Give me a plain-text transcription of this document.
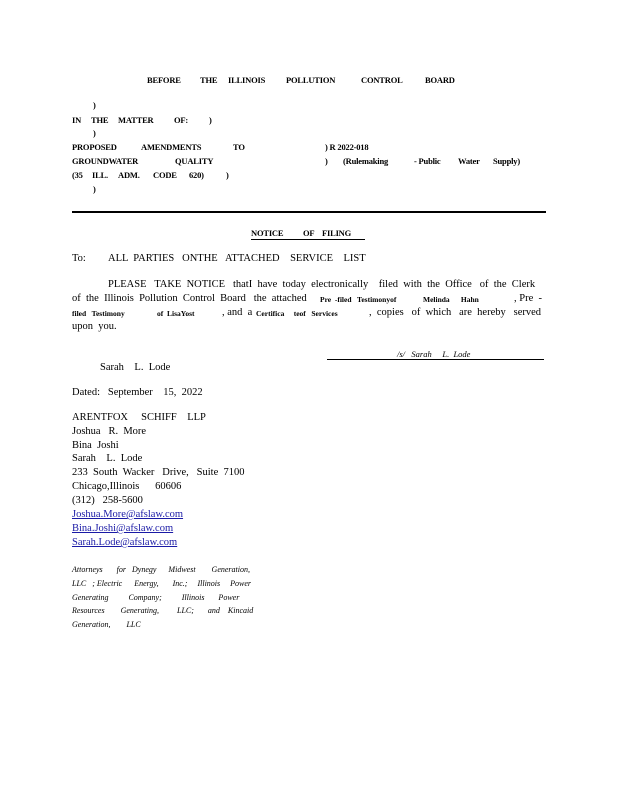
BEFORE THE ILLINOIS POLLUTION	CONTROL	BOARD
)
IN THE MATTER OF: )
)
PROPOSED	AMENDMENTS	TO	) R 2022-018
GROUNDWATER	QUALITY	) (Rulemaking	- Public Water Supply)
(35 ILL. ADM. CODE 620)	)
)
NOTICE OF FILING
To: ALL  PARTIES   ONTHE   ATTACHED    SERVICE    LIST
PLEASE   TAKE  NOTICE   thatI  have  today  electronically    filed  with  the  Office   of  the  Clerk
of  the  Illinois  Pollution  Control  Board   the  attached Pre  -filed   Testimonyof	Melinda      Hahn	, Pre  -
filed   Testimony	of  LisaYost	, and  a Certifica     teof   Services	,  copies   of  which   are  hereby   served
upon  you.
/s/   Sarah     L.  Lode
Sarah    L.  Lode
Dated:   September    15,  2022
ARENTFOX     SCHIFF    LLP
Joshua   R.  More
Bina  Joshi
Sarah    L.  Lode
233  South  Wacker   Drive,   Suite  7100
Chicago,Illinois      60606
(312)   258-5600
Joshua.More@afslaw.com
Bina.Joshi@afslaw.com
Sarah.Lode@afslaw.com
Attorneys       for   Dynegy      Midwest        Generation,
LLC   ; Electric      Energy,       Inc.;     Illinois     Power
Generating          Company;          Illinois       Power
Resources        Generating,         LLC;       and    Kincaid
Generation,        LLC
